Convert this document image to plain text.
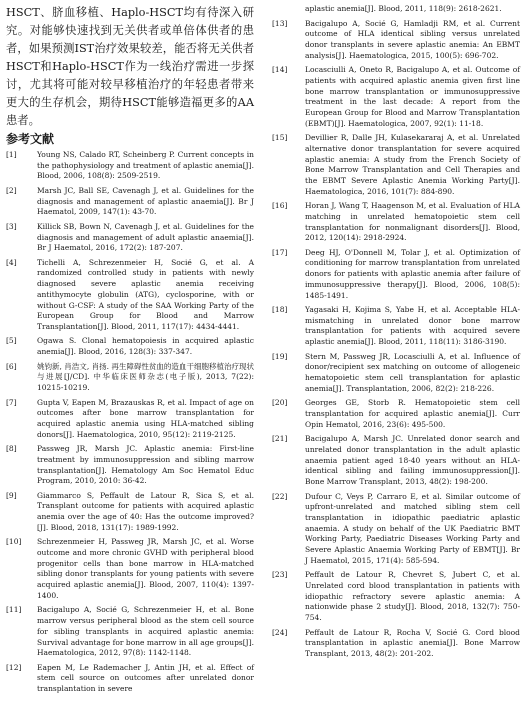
HSCT、脐血移植、Haplo-HSCT均有待深入研究。对能够快速找到无关供者或单倍体供者的患者，如果预测IST治疗效果较差，能否将无关供者HSCT和Haplo-HSCT作为一线治疗需进一步探讨，尤其将可能对较早移植治疗的年轻患者带来更大的生存机会，期待HSCT能够造福更多的AA患者。

参考文献
[1]	Young NS, Calado RT, Scheinberg P. Current concepts in the pathophysiology and treatment of aplastic anemia[J]. Blood, 2006, 108(8): 2509-2519.
[2]	Marsh JC, Ball SE, Cavenagh J, et al. Guidelines for the diagnosis and management of aplastic anaemia[J]. Br J Haematol, 2009, 147(1): 43-70.
[3]	Killick SB, Bown N, Cavenagh J, et al. Guidelines for the diagnosis and management of adult aplastic anaemia[J]. Br J Haematol, 2016, 172(2): 187-207.
[4]	Tichelli A, Schrezenmeier H, Socié G, et al. A randomized controlled study in patients with newly diagnosed severe aplastic anemia receiving antithymocyte globulin (ATG), cyclosporine, with or without G-CSF: A study of the SAA Working Party of the European Group for Blood and Marrow Transplantation[J]. Blood, 2011, 117(17): 4434-4441.
[5]	Ogawa S. Clonal hematopoiesis in acquired aplastic anemia[J]. Blood, 2016, 128(3): 337-347.
[6]	姚钧新, 肖浩文, 肖扬. 再生障碍性贫血的造血干细胞移植治疗现状与进展[J/CD]. 中华临床医师杂志(电子版), 2013, 7(22): 10215-10219.
[7]	Gupta V, Eapen M, Brazauskas R, et al. Impact of age on outcomes after bone marrow transplantation for acquired aplastic anemia using HLA-matched sibling donors[J]. Haematologica, 2010, 95(12): 2119-2125.
[8]	Passweg JR, Marsh JC. Aplastic anemia: First-line treatment by immunosuppression and sibling marrow transplantation[J]. Hematology Am Soc Hematol Educ Program, 2010, 2010: 36-42.
[9]	Giammarco S, Peffault de Latour R, Sica S, et al. Transplant outcome for patients with acquired aplastic anemia over the age of 40: Has the outcome improved?[J]. Blood, 2018, 131(17): 1989-1992.
[10]	Schrezenmeier H, Passweg JR, Marsh JC, et al. Worse outcome and more chronic GVHD with peripheral blood progenitor cells than bone marrow in HLA-matched sibling donor transplants for young patients with severe acquired aplastic anemia[J]. Blood, 2007, 110(4): 1397-1400.
[11]	Bacigalupo A, Socié G, Schrezenmeier H, et al. Bone marrow versus peripheral blood as the stem cell source for sibling transplants in acquired aplastic anemia: Survival advantage for bone marrow in all age groups[J]. Haematologica, 2012, 97(8): 1142-1148.
[12]	Eapen M, Le Rademacher J, Antin JH, et al. Effect of stem cell source on outcomes after unrelated donor transplantation in severe
aplastic anemia[J]. Blood, 2011, 118(9): 2618-2621.
[13]	Bacigalupo A, Socié G, Hamladji RM, et al. Current outcome of HLA identical sibling versus unrelated donor transplants in severe aplastic anemia: An EBMT analysis[J]. Haematologica, 2015, 100(5): 696-702.
[14]	Locasciulli A, Oneto R, Bacigalupo A, et al. Outcome of patients with acquired aplastic anemia given first line bone marrow transplantation or immunosuppressive treatment in the last decade: A report from the European Group for Blood and Marrow Transplantation (EBMT)[J]. Haematologica, 2007, 92(1): 11-18.
[15]	Devillier R, Dalle JH, Kulasekararaj A, et al. Unrelated alternative donor transplantation for severe acquired aplastic anemia: A study from the French Society of Bone Marrow Transplantation and Cell Therapies and the EBMT Severe Aplastic Anemia Working Party[J]. Haematologica, 2016, 101(7): 884-890.
[16]	Horan J, Wang T, Haagenson M, et al. Evaluation of HLA matching in unrelated hematopoietic stem cell transplantation for nonmalignant disorders[J]. Blood, 2012, 120(14): 2918-2924.
[17]	Deeg HJ, O'Donnell M, Tolar J, et al. Optimization of conditioning for marrow transplantation from unrelated donors for patients with aplastic anemia after failure of immunosuppressive therapy[J]. Blood, 2006, 108(5): 1485-1491.
[18]	Yagasaki H, Kojima S, Yabe H, et al. Acceptable HLA-mismatching in unrelated donor bone marrow transplantation for patients with acquired severe aplastic anemia[J]. Blood, 2011, 118(11): 3186-3190.
[19]	Stern M, Passweg JR, Locasciulli A, et al. Influence of donor/recipient sex matching on outcome of allogeneic hematopoietic stem cell transplantation for aplastic anemia[J]. Transplantation, 2006, 82(2): 218-226.
[20]	Georges GE, Storb R. Hematopoietic stem cell transplantation for acquired aplastic anemia[J]. Curr Opin Hematol, 2016, 23(6): 495-500.
[21]	Bacigalupo A, Marsh JC. Unrelated donor search and unrelated donor transplantation in the adult aplastic anaemia patient aged 18-40 years without an HLA-identical sibling and failing immunosuppression[J]. Bone Marrow Transplant, 2013, 48(2): 198-200.
[22]	Dufour C, Veys P, Carraro E, et al. Similar outcome of upfront-unrelated and matched sibling stem cell transplantation in idiopathic paediatric aplastic anaemia. A study on behalf of the UK Paediatric BMT Working Party, Paediatric Diseases Working Party and Severe Aplastic Anaemia Working Party of EBMT[J]. Br J Haematol, 2015, 171(4): 585-594.
[23]	Peffault de Latour R, Chevret S, Jubert C, et al. Unrelated cord blood transplantation in patients with idiopathic refractory severe aplastic anemia: A nationwide phase 2 study[J]. Blood, 2018, 132(7): 750-754.
[24]	Peffault de Latour R, Rocha V, Socié G. Cord blood transplantation in aplastic anemia[J]. Bone Marrow Transplant, 2013, 48(2): 201-202.
